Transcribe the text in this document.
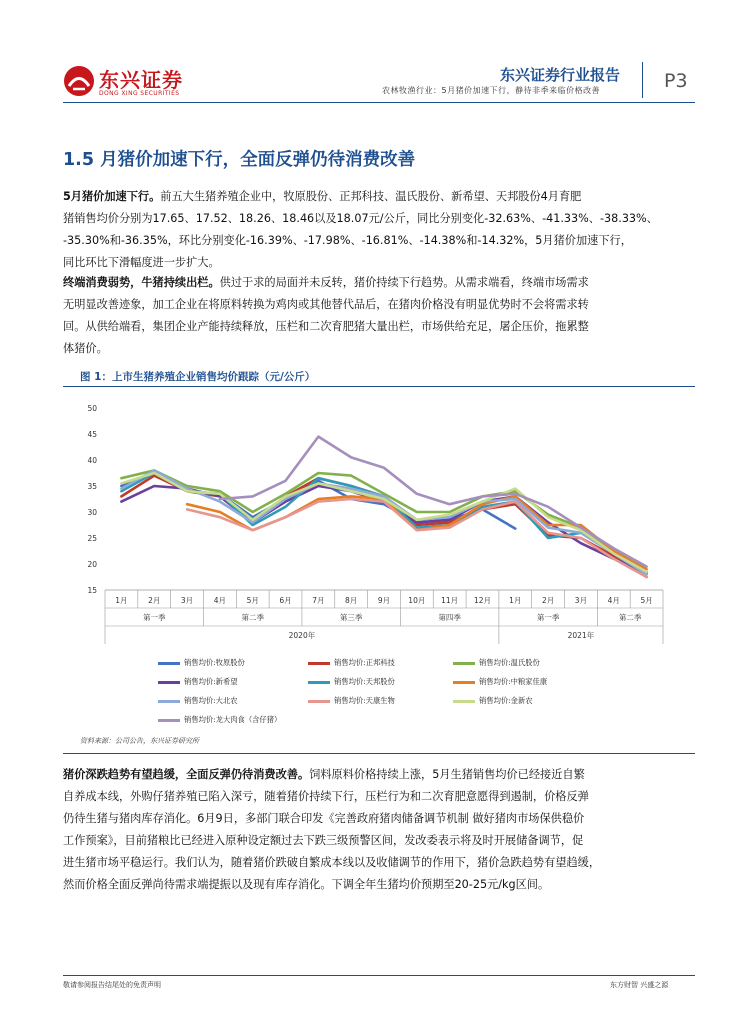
东兴证券
DONG XING SECURITIES
东兴证券行业报告
农林牧渔行业：5月猪价加速下行，静待非季来临价格改善	P3
1.5 月猪价加速下行，全面反弹仍待消费改善
5月猪价加速下行。前五大生猪养殖企业中，牧原股份、正邦科技、温氏股份、新希望、天邦股份4月育肥
猪销售均价分别为17.65、17.52、18.26、18.46以及18.07元/公斤，同比分别变化-32.63%、-41.33%、-38.33%、
-35.30%和-36.35%，环比分别变化-16.39%、-17.98%、-16.81%、-14.38%和-14.32%，5月猪价加速下行，
同比环比下滑幅度进一步扩大。
终端消费弱势，牛猪持续出栏。供过于求的局面并未反转，猪价持续下行趋势。从需求端看，终端市场需求
无明显改善迹象，加工企业在将原料转换为鸡肉或其他替代品后，在猪肉价格没有明显优势时不会将需求转
回。从供给端看，集团企业产能持续释放，压栏和二次育肥猪大量出栏，市场供给充足，屠企压价，拖累整
体猪价。
图 1：上市生猪养殖企业销售均价跟踪（元/公斤）
15
20
25
30
35
40
45
50
1月	2月	3月	4月	5月	6月	7月	8月	9月 10月 11月 12月 1月	2月	3月	4月	5月
第一季	第二季	第三季	第四季	第一季	第二季
2020年	2021年
销售均价:牧原股份	销售均价:正邦科技	销售均价:温氏股份
销售均价:新希望	销售均价:天邦股份	销售均价:中粮家佳康
销售均价:大北农	销售均价:天康生物	销售均价:金新农
销售均价:龙大肉食（含仔猪）
资料来源：公司公告，东兴证券研究所
猪价深跌趋势有望趋缓，全面反弹仍待消费改善。饲料原料价格持续上涨，5月生猪销售均价已经接近自繁
自养成本线，外购仔猪养殖已陷入深亏，随着猪价持续下行，压栏行为和二次育肥意愿得到遏制，价格反弹
仍待生猪与猪肉库存消化。6月9日，多部门联合印发《完善政府猪肉储备调节机制 做好猪肉市场保供稳价
工作预案》，目前猪粮比已经进入原种设定额过去下跌三级预警区间，发改委表示将及时开展储备调节，促
进生猪市场平稳运行。我们认为，随着猪价跌破自繁成本线以及收储调节的作用下，猪价急跌趋势有望趋缓，
然而价格全面反弹尚待需求端提振以及现有库存消化。下调全年生猪均价预期至20-25元/kg区间。
敬请参阅报告结尾处的免责声明	东方财智 兴盛之源
